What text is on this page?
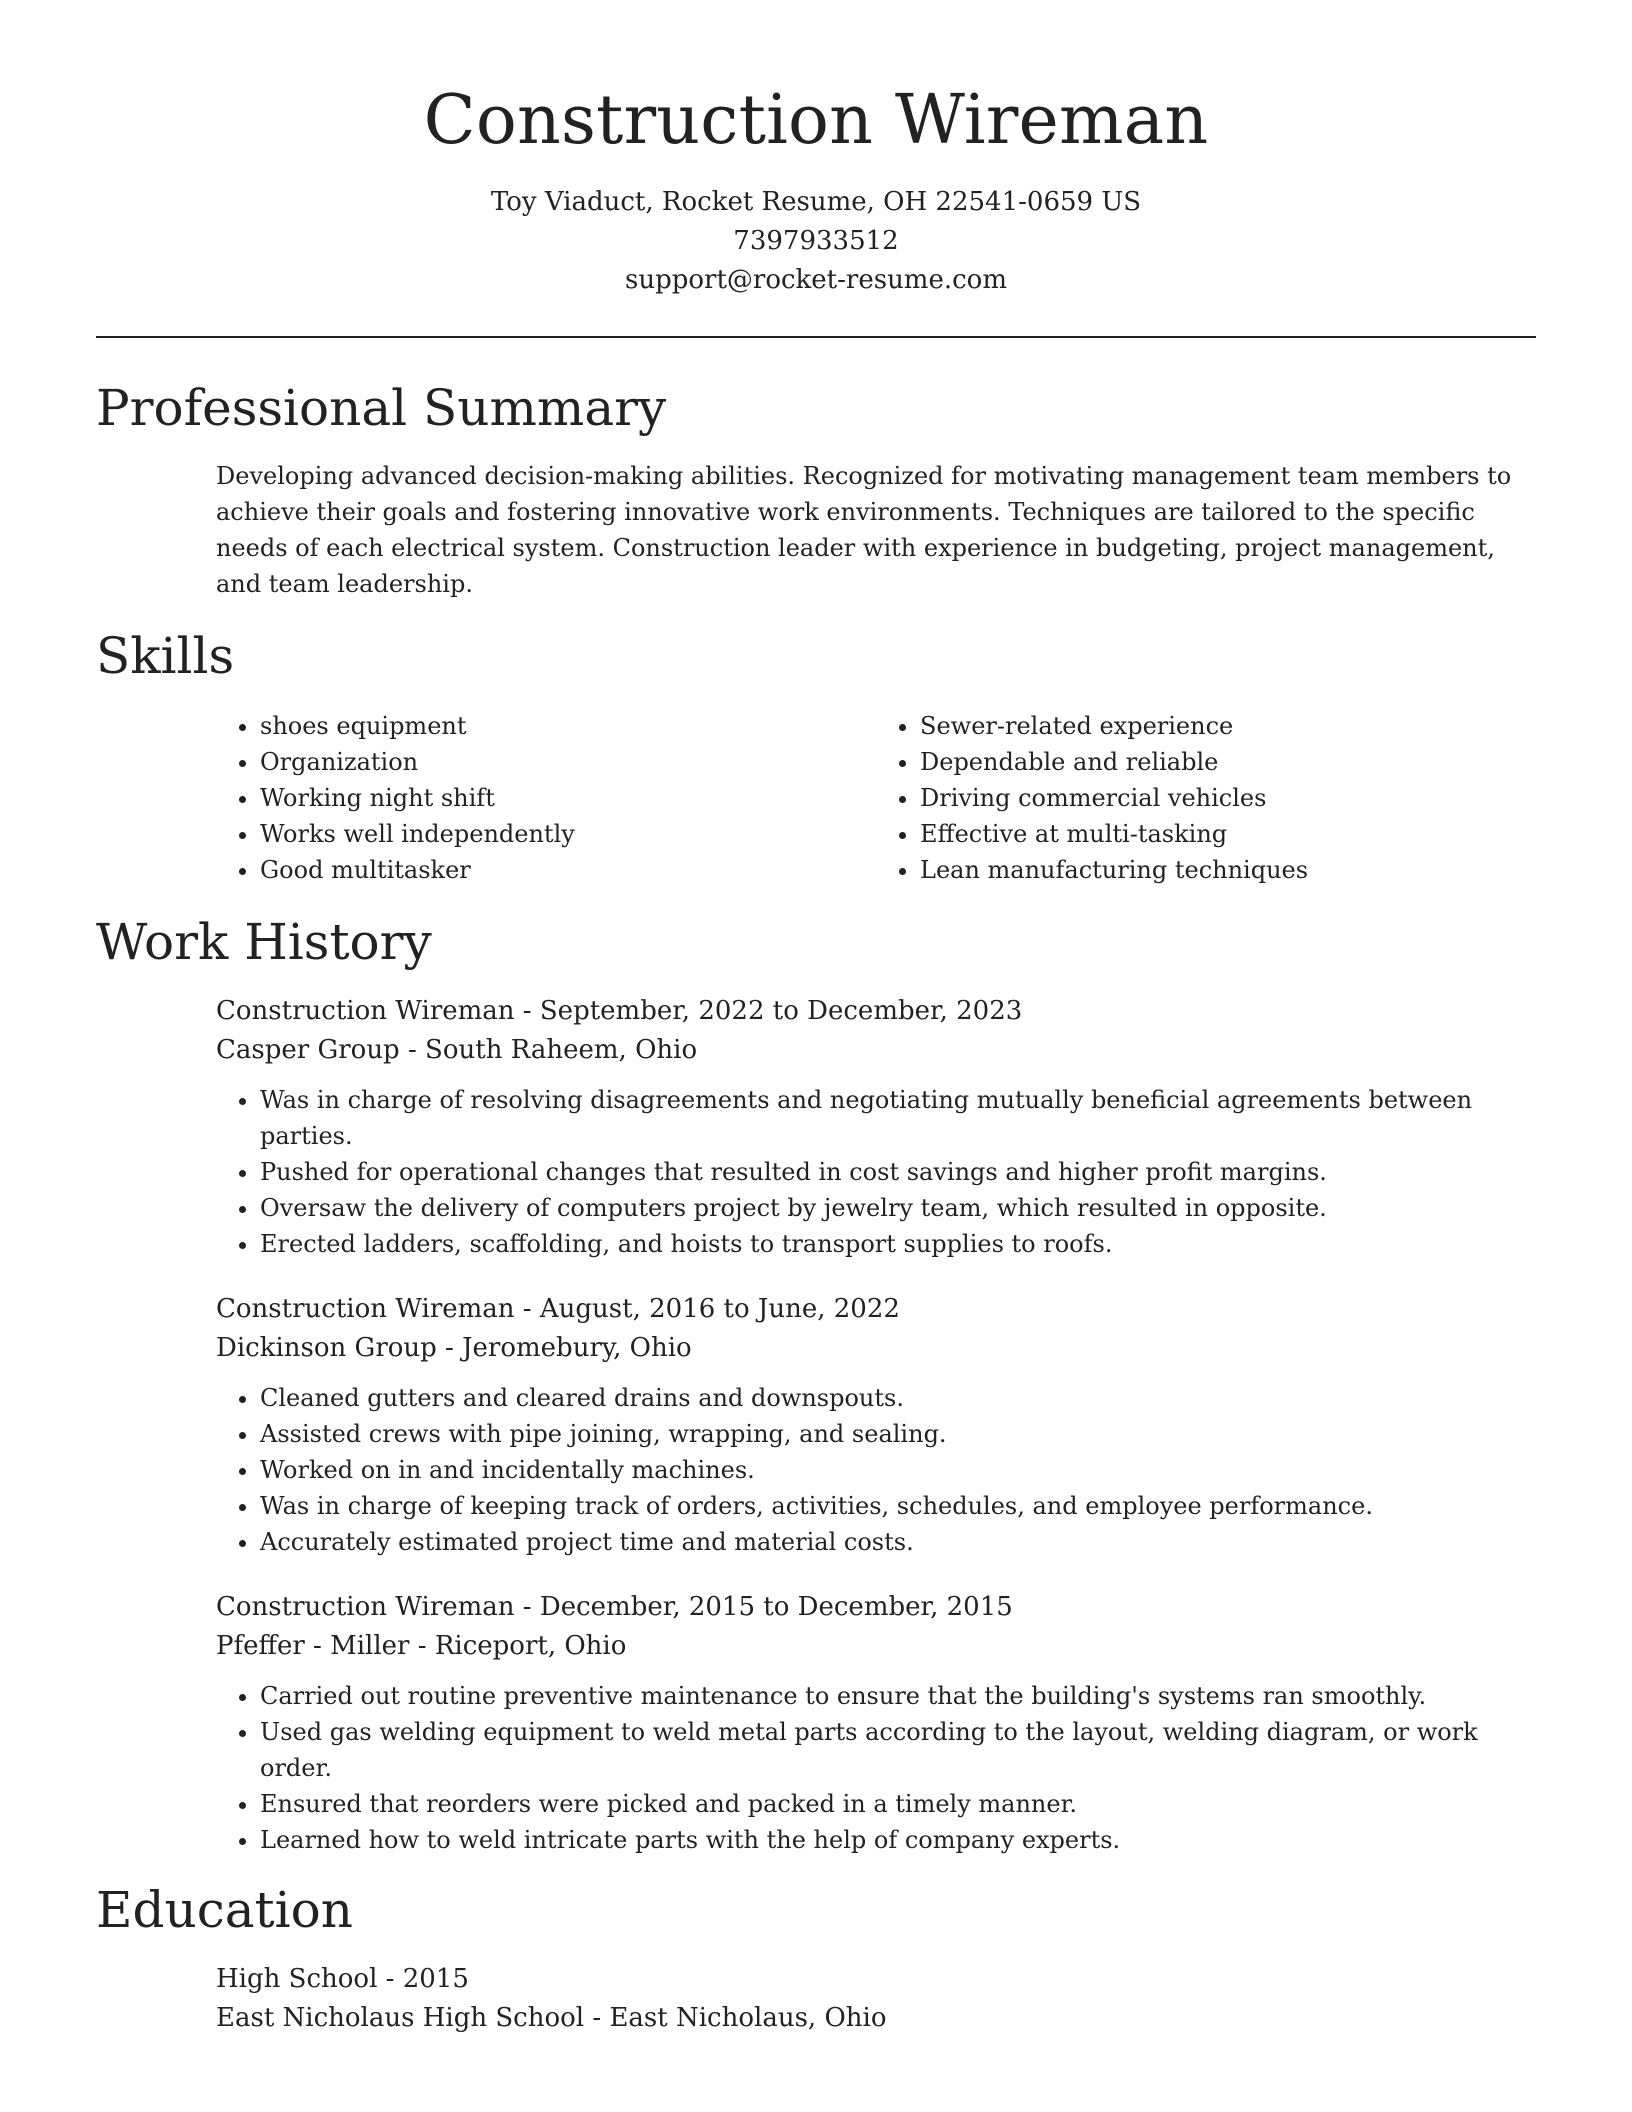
Construction Wireman

Toy Viaduct, Rocket Resume, OH 22541-0659 US

7397933512

support@rocket-resume.com

Professional Summary

Developing advanced decision-making abilities. Recognized for motivating management team members to achieve their goals and fostering innovative work environments. Techniques are tailored to the specific needs of each electrical system. Construction leader with experience in budgeting, project management, and team leadership.

Skills
• shoes equipment
• Organization
• Working night shift
• Works well independently
• Good multitasker
• Sewer-related experience
• Dependable and reliable
• Driving commercial vehicles
• Effective at multi-tasking
• Lean manufacturing techniques
Work History

Construction Wireman - September, 2022 to December, 2023

Casper Group - South Raheem, Ohio

• Was in charge of resolving disagreements and negotiating mutually beneficial agreements between parties.
• Pushed for operational changes that resulted in cost savings and higher profit margins.
• Oversaw the delivery of computers project by jewelry team, which resulted in opposite.
• Erected ladders, scaffolding, and hoists to transport supplies to roofs.

Construction Wireman - August, 2016 to June, 2022

Dickinson Group - Jeromebury, Ohio

• Cleaned gutters and cleared drains and downspouts.
• Assisted crews with pipe joining, wrapping, and sealing.
• Worked on in and incidentally machines.
• Was in charge of keeping track of orders, activities, schedules, and employee performance.
• Accurately estimated project time and material costs.

Construction Wireman - December, 2015 to December, 2015

Pfeffer - Miller - Riceport, Ohio

• Carried out routine preventive maintenance to ensure that the building's systems ran smoothly.
• Used gas welding equipment to weld metal parts according to the layout, welding diagram, or work order.
• Ensured that reorders were picked and packed in a timely manner.
• Learned how to weld intricate parts with the help of company experts.
Education

High School - 2015

East Nicholaus High School - East Nicholaus, Ohio
